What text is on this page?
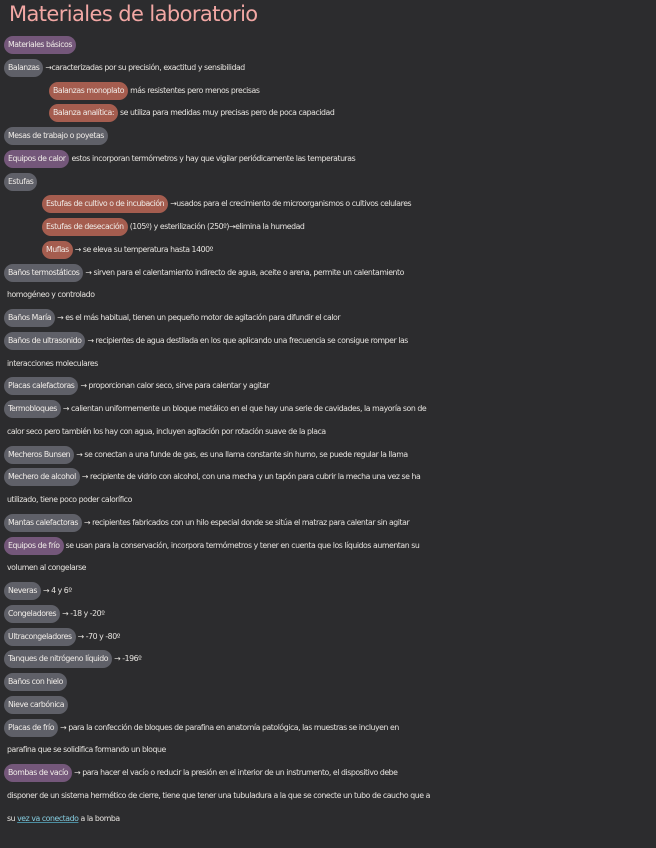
Materiales de laboratorio
Materiales básicos
Balanzas →caracterizadas por su precisión, exactitud y sensibilidad
Balanzas monoplato más resistentes pero menos precisas
Balanza analítica: se utiliza para medidas muy precisas pero de poca capacidad
Mesas de trabajo o poyetas
Equipos de calor estos incorporan termómetros y hay que vigilar periódicamente las temperaturas
Estufas
Estufas de cultivo o de incubación →usados para el crecimiento de microorganismos o cultivos celulares
Estufas de desecación (105º) y esterilización (250º)→elimina la humedad
Muflas → se eleva su temperatura hasta 1400º
Baños termostáticos → sirven para el calentamiento indirecto de agua, aceite o arena, permite un calentamiento
homogéneo y controlado
Baños María → es el más habitual, tienen un pequeño motor de agitación para difundir el calor
Baños de ultrasonido → recipientes de agua destilada en los que aplicando una frecuencia se consigue romper las
interacciones moleculares
Placas calefactoras → proporcionan calor seco, sirve para calentar y agitar
Termobloques → calientan uniformemente un bloque metálico en el que hay una serie de cavidades, la mayoría son de
calor seco pero también los hay con agua, incluyen agitación por rotación suave de la placa
Mecheros Bunsen → se conectan a una funde de gas, es una llama constante sin humo, se puede regular la llama
Mechero de alcohol → recipiente de vidrio con alcohol, con una mecha y un tapón para cubrir la mecha una vez se ha
utilizado, tiene poco poder calorífico
Mantas calefactoras → recipientes fabricados con un hilo especial donde se sitúa el matraz para calentar sin agitar
Equipos de frío se usan para la conservación, incorpora termómetros y tener en cuenta que los líquidos aumentan su
volumen al congelarse
Neveras → 4 y 6º
Congeladores → -18 y -20º
Ultracongeladores → -70 y -80º
Tanques de nitrógeno líquido → -196º
Baños con hielo
Nieve carbónica
Placas de frío → para la confección de bloques de parafina en anatomía patológica, las muestras se incluyen en
parafina que se solidifica formando un bloque
Bombas de vacío → para hacer el vacío o reducir la presión en el interior de un instrumento, el dispositivo debe
disponer de un sistema hermético de cierre, tiene que tener una tubuladura a la que se conecte un tubo de caucho que a
su vez va conectado a la bomba
